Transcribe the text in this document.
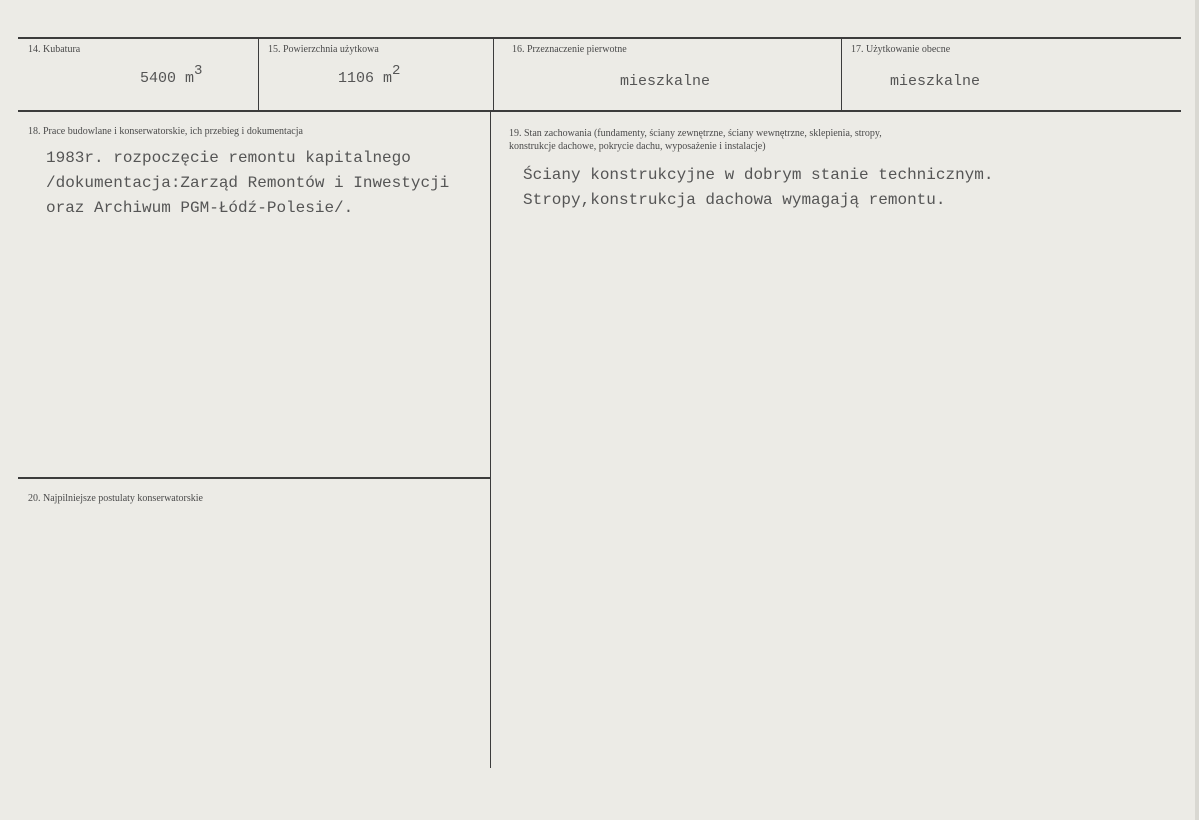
14. Kubatura
5400 m3
15. Powierzchnia użytkowa
1106 m2
16. Przeznaczenie pierwotne
mieszkalne
17. Użytkowanie obecne
mieszkalne
18. Prace budowlane i konserwatorskie, ich przebieg i dokumentacja
1983r. rozpoczęcie remontu kapitalnego
/dokumentacja:Zarząd Remontów i Inwestycji
oraz Archiwum PGM-Łódź-Polesie/.
19. Stan zachowania (fundamenty, ściany zewnętrzne, ściany wewnętrzne, sklepienia, stropy,
konstrukcje dachowe, pokrycie dachu, wyposażenie i instalacje)
Ściany konstrukcyjne w dobrym stanie technicznym.
Stropy,konstrukcja dachowa wymagają remontu.
20. Najpilniejsze postulaty konserwatorskie
